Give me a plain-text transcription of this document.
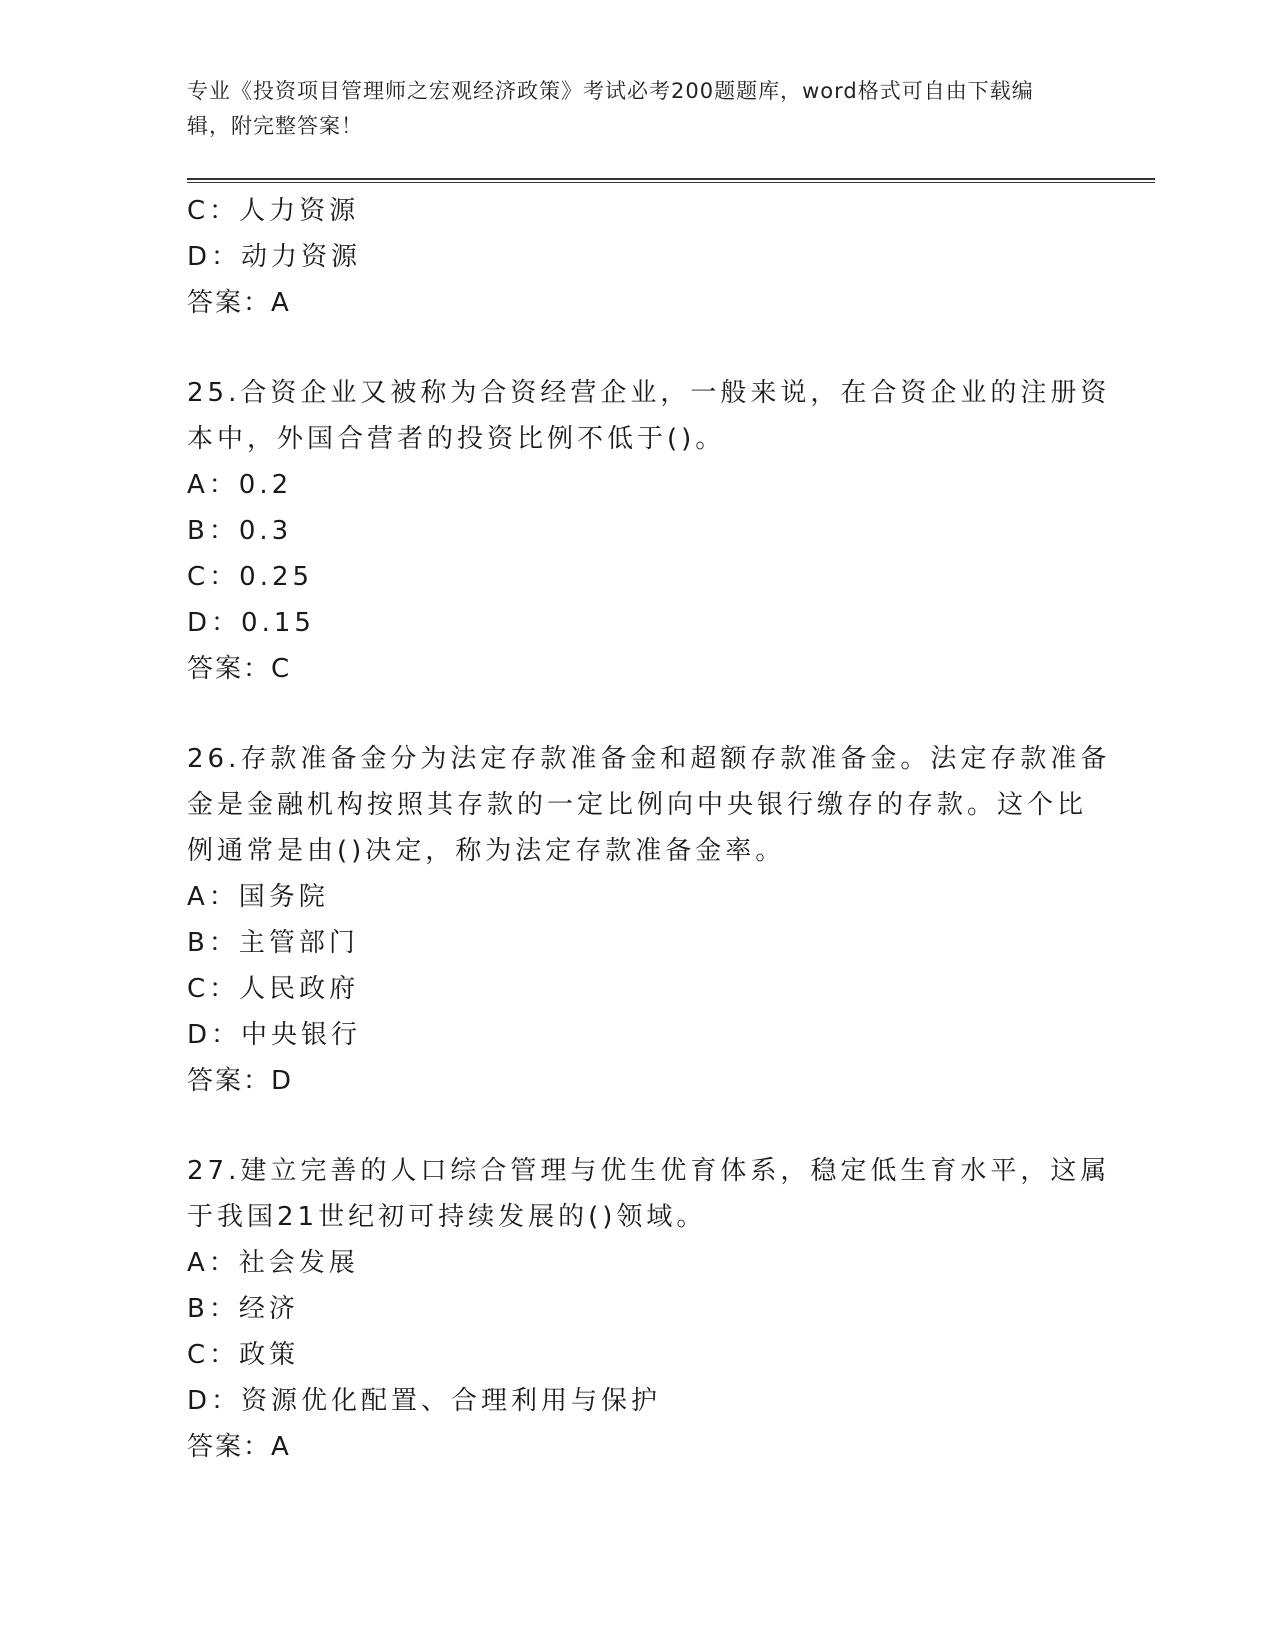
专业《投资项目管理师之宏观经济政策》考试必考200题题库，word格式可自由下载编辑，附完整答案！
C：人力资源
D：动力资源
答案：A
25.合资企业又被称为合资经营企业，一般来说，在合资企业的注册资
本中，外国合营者的投资比例不低于()。
A：0.2
B：0.3
C：0.25
D：0.15
答案：C
26.存款准备金分为法定存款准备金和超额存款准备金。法定存款准备
金是金融机构按照其存款的一定比例向中央银行缴存的存款。这个比
例通常是由()决定，称为法定存款准备金率。
A：国务院
B：主管部门
C：人民政府
D：中央银行
答案：D
27.建立完善的人口综合管理与优生优育体系，稳定低生育水平，这属
于我国21世纪初可持续发展的()领域。
A：社会发展
B：经济
C：政策
D：资源优化配置、合理利用与保护
答案：A
